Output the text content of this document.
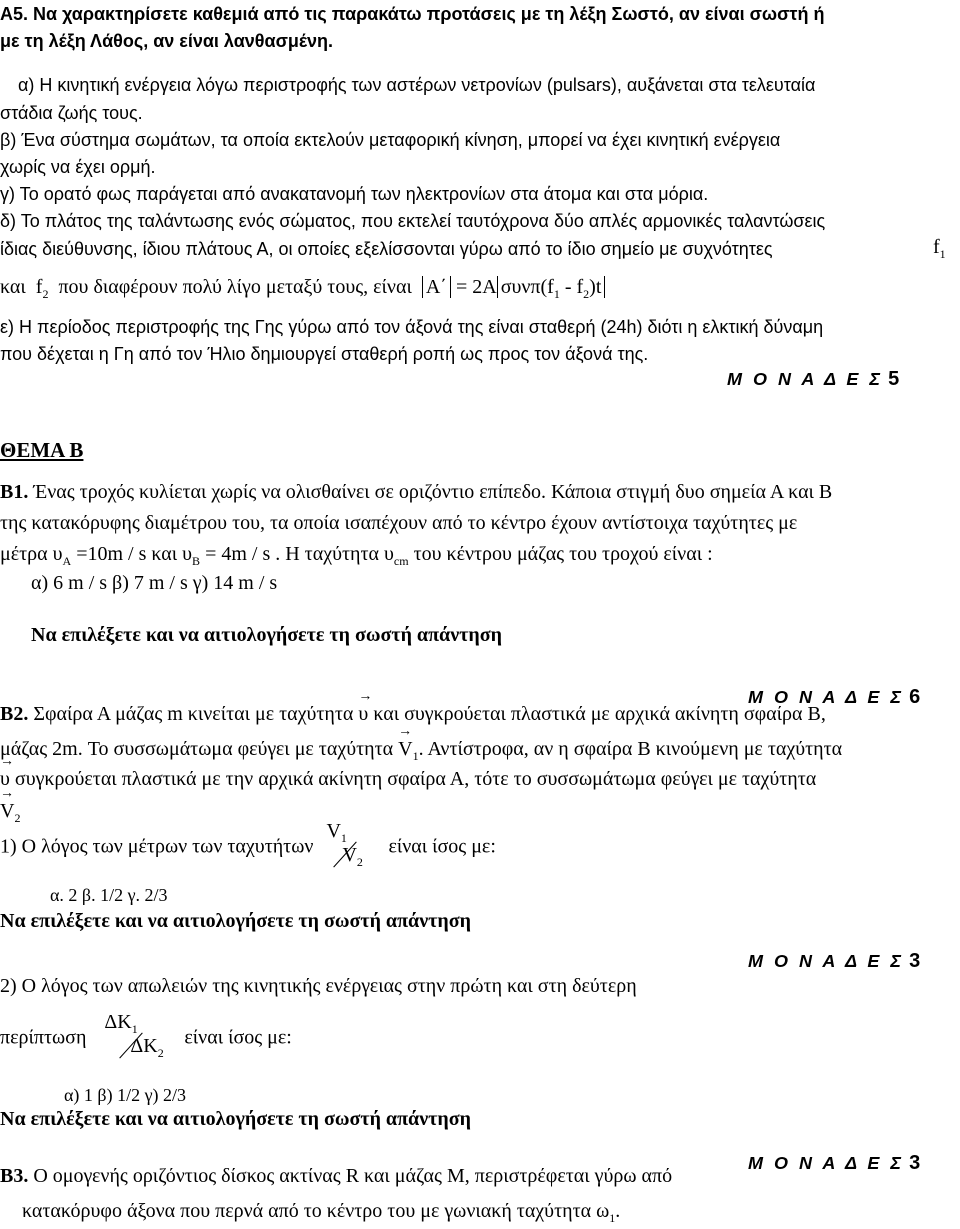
A5. Να χαρακτηρίσετε καθεμιά από τις παρακάτω προτάσεις με τη λέξη Σωστό, αν είναι σωστή ή
με τη λέξη Λάθος, αν είναι λανθασμένη.
α) Η κινητική ενέργεια λόγω περιστροφής των αστέρων νετρονίων (pulsars), αυξάνεται στα τελευταία
στάδια ζωής τους.
β) Ένα σύστημα σωμάτων, τα οποία εκτελούν μεταφορική κίνηση, μπορεί να έχει κινητική ενέργεια
χωρίς να έχει ορμή.
γ) Το ορατό φως παράγεται από ανακατανομή των ηλεκτρονίων στα άτομα και στα μόρια.
δ) Το πλάτος της ταλάντωσης ενός σώματος, που εκτελεί ταυτόχρονα δύο απλές αρμονικές ταλαντώσεις
ίδιας διεύθυνσης, ίδιου πλάτους Α, οι οποίες εξελίσσονται γύρω από το ίδιο σημείο με συχνότητες	$f_1$
και $f_2$ που διαφέρουν πολύ λίγο μεταξύ τους, είναι A΄ = 2A $\sigma\upsilon\nu\pi(f_1 - f_2)t$
ε) Η περίοδος περιστροφής της Γης γύρω από τον άξονά της είναι σταθερή (24h) διότι η ελκτική δύναμη
που δέχεται η Γη από τον Ήλιο δημιουργεί σταθερή ροπή ως προς τον άξονά της.
Μ Ο Ν Α Δ Ε Σ 5
ΘΕΜΑ Β
Β1. Ένας τροχός κυλίεται χωρίς να ολισθαίνει σε οριζόντιο επίπεδο. Κάποια στιγμή δυο σημεία Α και Β
της κατακόρυφης διαμέτρου του, τα οποία ισαπέχουν από το κέντρο έχουν αντίστοιχα ταχύτητες με
μέτρα $\upsilon_A =10m / s$ και $\upsilon_B = 4m / s$ . Η ταχύτητα $\upsilon_{cm}$ του κέντρου μάζας του τροχού είναι :
α) 6 m / s β) 7 m / s γ) 14 m / s
Να επιλέξετε και να αιτιολογήσετε τη σωστή απάντηση
Μ Ο Ν Α Δ Ε Σ 6
Β2. Σφαίρα Α μάζας m κινείται με ταχύτητα → υ και συγκρούεται πλαστικά με αρχικά ακίνητη σφαίρα Β,
μάζας 2m. Το συσσωμάτωμα φεύγει με $\tau\alpha\chi ύ\tau\eta\tau\alpha \to V_1$. Αντίστροφα, αν η σφαίρα Β κινούμενη με ταχύτητα
→ υ συγκρούεται πλαστικά με την αρχικά ακίνητη σφαίρα Α, τότε το συσσωμάτωμα φεύγει με ταχύτητα
→ $V_2$
1) Ο λόγος των μέτρων των ταχυτήτων
$V_1$
$V_2$
είναι ίσος με:
α. 2 β. 1/2 γ. 2/3
Να επιλέξετε και να αιτιολογήσετε τη σωστή απάντηση
Μ Ο Ν Α Δ Ε Σ 3
2) Ο λόγος των απωλειών της κινητικής ενέργειας στην πρώτη και στη δεύτερη
περίπτωση
$\Delta K_1$
$\Delta K_2$
είναι ίσος με:
α) 1 β) 1/2 γ) 2/3
Να επιλέξετε και να αιτιολογήσετε τη σωστή απάντηση
Μ Ο Ν Α Δ Ε Σ 3
Β3. Ο ομογενής οριζόντιος δίσκος ακτίνας R και μάζας Μ, περιστρέφεται γύρω από
κατακόρυφο άξονα που περνά από το κέντρο του με γωνιακή ταχύτητα $\omega_1$.
